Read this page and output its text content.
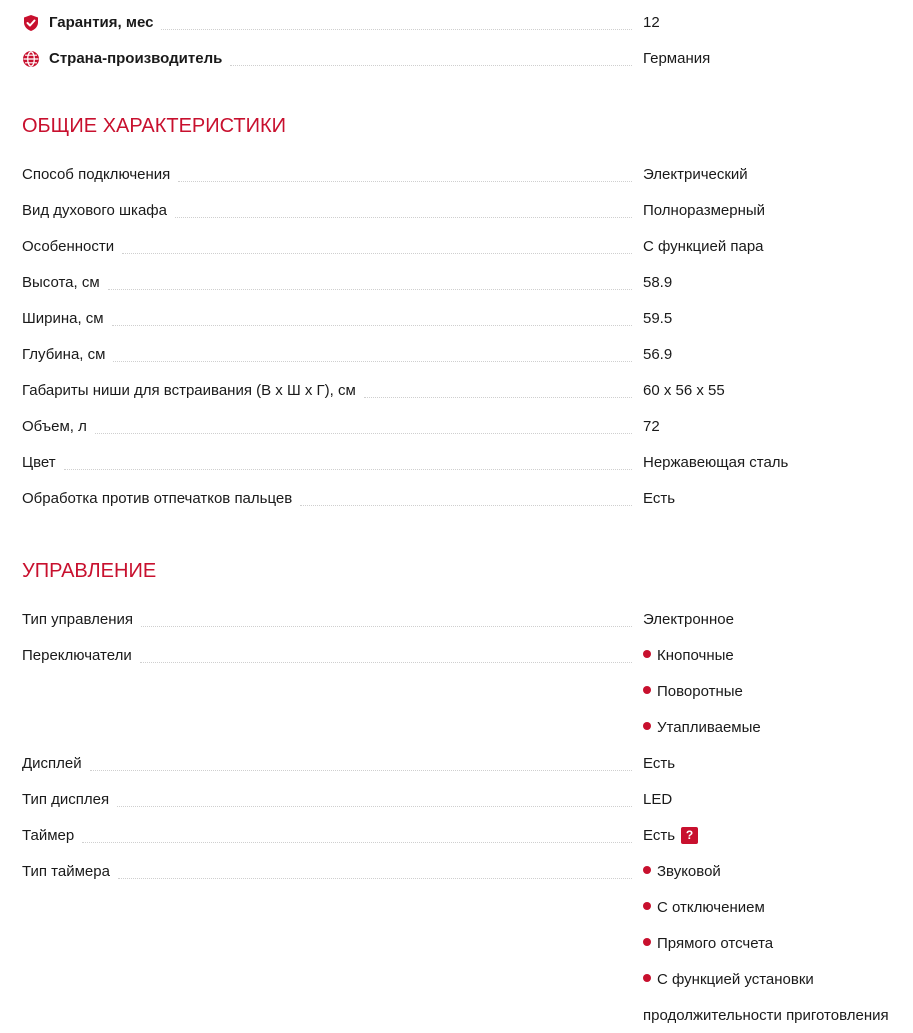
Гарантия, мес	12
Страна-производитель	Германия
ОБЩИЕ ХАРАКТЕРИСТИКИ
Способ подключения	Электрический
Вид духового шкафа	Полноразмерный
Особенности	С функцией пара
Высота, см	58.9
Ширина, см	59.5
Глубина, см	56.9
Габариты ниши для встраивания (В х Ш х Г), см	60 х 56 х 55
Объем, л	72
Цвет	Нержавеющая сталь
Обработка против отпечатков пальцев	Есть
УПРАВЛЕНИЕ
Тип управления	Электронное
Переключатели	Кнопочные
Поворотные
Утапливаемые
Дисплей	Есть
Тип дисплея	LED
Таймер	Есть ?
Тип таймера	Звуковой
С отключением
Прямого отсчета
С функцией установки
продолжительности приготовления
